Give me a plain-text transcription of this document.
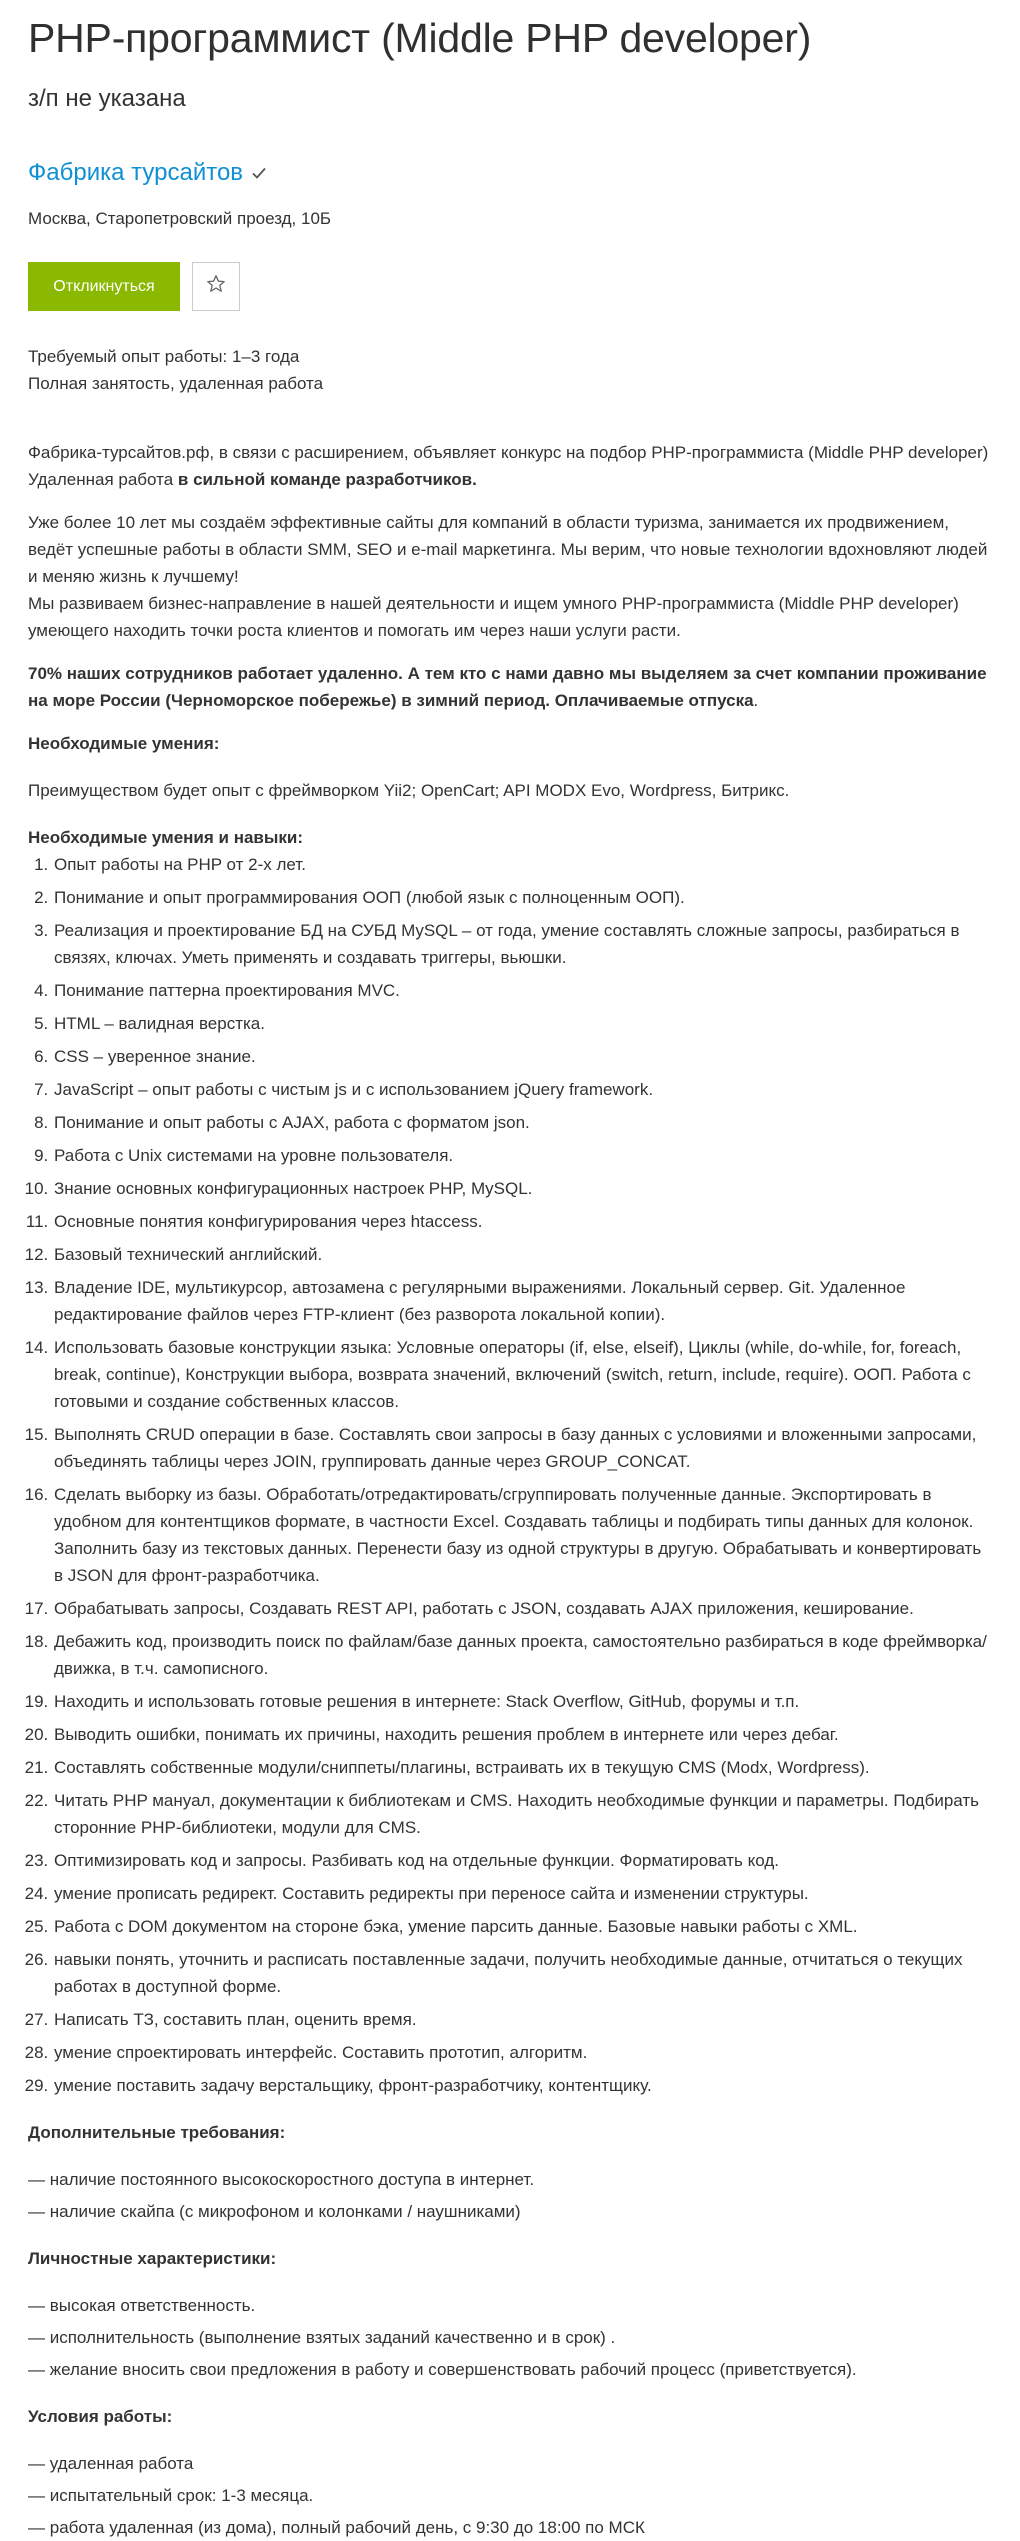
PHP-программист (Middle PHP developer)
з/п не указана
Фабрика турсайтов
Москва, Старопетровский проезд, 10Б
Откликнуться
Требуемый опыт работы: 1–3 года
Полная занятость, удаленная работа

Фабрика-турсайтов.рф, в связи с расширением, объявляет конкурс на подбор PHP-программиста (Middle PHP developer) Удаленная работа в сильной команде разработчиков.

Уже более 10 лет мы создаём эффективные сайты для компаний в области туризма, занимается их продвижением, ведёт успешные работы в области SMM, SEO и e-mail маркетинга. Мы верим, что новые технологии вдохновляют людей и меняю жизнь к лучшему!
Мы развиваем бизнес-направление в нашей деятельности и ищем умного PHP-программиста (Middle PHP developer) умеющего находить точки роста клиентов и помогать им через наши услуги расти.

70% наших сотрудников работает удаленно. А тем кто с нами давно мы выделяем за счет компании проживание на море России (Черноморское побережье) в зимний период. Оплачиваемые отпуска.

Необходимые умения:

Преимуществом будет опыт с фреймворком Yii2; OpenCart; API MODX Evo, Wordpress, Битрикс.

Необходимые умения и навыки:

1. Опыт работы на PHP от 2-х лет.
2. Понимание и опыт программирования ООП (любой язык с полноценным ООП).
3. Реализация и проектирование БД на СУБД MySQL – от года, умение составлять сложные запросы, разбираться в связях, ключах. Уметь применять и создавать триггеры, вьюшки.
4. Понимание паттерна проектирования MVC.
5. HTML – валидная верстка.
6. CSS – уверенное знание.
7. JavaScript – опыт работы с чистым js и с использованием jQuery framework.
8. Понимание и опыт работы с AJAX, работа с форматом json.
9. Работа с Unix системами на уровне пользователя.
10. Знание основных конфигурационных настроек PHP, MySQL.
11. Основные понятия конфигурирования через htaccess.
12. Базовый технический английский.
13. Владение IDE, мультикурсор, автозамена с регулярными выражениями. Локальный сервер. Git. Удаленное редактирование файлов через FTP-клиент (без разворота локальной копии).
14. Использовать базовые конструкции языка: Условные операторы (if, else, elseif), Циклы (while, do-while, for, foreach, break, continue), Конструкции выбора, возврата значений, включений (switch, return, include, require). ООП. Работа с готовыми и создание собственных классов.
15. Выполнять CRUD операции в базе. Составлять свои запросы в базу данных с условиями и вложенными запросами, объединять таблицы через JOIN, группировать данные через GROUP_CONCAT.
16. Сделать выборку из базы. Обработать/отредактировать/сгруппировать полученные данные. Экспортировать в удобном для контентщиков формате, в частности Excel. Создавать таблицы и подбирать типы данных для колонок. Заполнить базу из текстовых данных. Перенести базу из одной структуры в другую. Обрабатывать и конвертировать в JSON для фронт-разработчика.
17. Обрабатывать запросы, Создавать REST API, работать с JSON, создавать AJAX приложения, кеширование.
18. Дебажить код, производить поиск по файлам/базе данных проекта, самостоятельно разбираться в коде фреймворка/движка, в т.ч. самописного.
19. Находить и использовать готовые решения в интернете: Stack Overflow, GitHub, форумы и т.п.
20. Выводить ошибки, понимать их причины, находить решения проблем в интернете или через дебаг.
21. Составлять собственные модули/сниппеты/плагины, встраивать их в текущую CMS (Modx, Wordpress).
22. Читать PHP мануал, документации к библиотекам и CMS. Находить необходимые функции и параметры. Подбирать сторонние PHP-библиотеки, модули для CMS.
23. Оптимизировать код и запросы. Разбивать код на отдельные функции. Форматировать код.
24. умение прописать редирект. Составить редиректы при переносе сайта и изменении структуры.
25. Работа с DOM документом на стороне бэка, умение парсить данные. Базовые навыки работы с XML.
26. навыки понять, уточнить и расписать поставленные задачи, получить необходимые данные, отчитаться о текущих работах в доступной форме.
27. Написать ТЗ, составить план, оценить время.
28. умение спроектировать интерфейс. Составить прототип, алгоритм.
29. умение поставить задачу верстальщику, фронт-разработчику, контентщику.

Дополнительные требования:

— наличие постоянного высокоскоростного доступа в интернет.
— наличие скайпа (с микрофоном и колонками / наушниками)

Личностные характеристики:

— высокая ответственность.
— исполнительность (выполнение взятых заданий качественно и в срок) .
— желание вносить свои предложения в работу и совершенствовать рабочий процесс (приветствуется).

Условия работы:

— удаленная работа
— испытательный срок: 1-3 месяца.
— работа удаленная (из дома), полный рабочий день, с 9:30 до 18:00 по МСК
